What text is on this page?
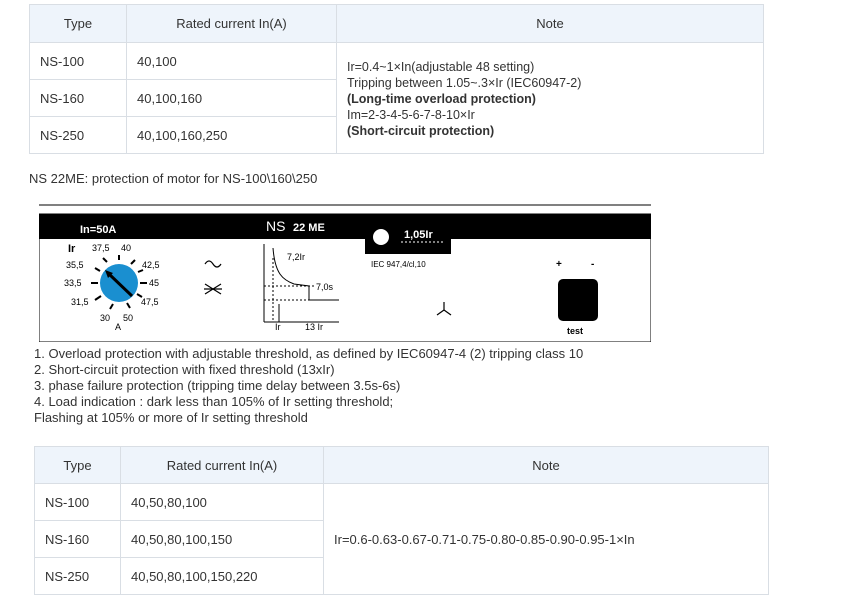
Type	Rated current In(A)	Note
NS-100	40,100	Ir=0.4~1×In(adjustable 48 setting)
Tripping between 1.05~.3×Ir (IEC60947-2)
(Long-time overload protection)
Im=2-3-4-5-6-7-8-10×Ir
(Short-circuit protection)

NS-160	40,100,160	
NS-250	40,100,160,250	
NS 22ME: protection of motor for NS-100\160\250
In=50A	NS 22 ME
1,05Ir
IEC 947,4/cl,10
Ir 37,5 40
42,5
45
47,5
50
30
31,5
33,5
35,5
A
7,2Ir
7,0s
Ir	13 Ir
+	-
test
1. Overload protection with adjustable threshold, as defined by IEC60947-4 (2) tripping class 10
2. Short-circuit protection with fixed threshold (13xIr)
3. phase failure protection (tripping time delay between 3.5s-6s)
4. Load indication : dark less than 105% of Ir setting threshold;
Flashing at 105% or more of Ir setting threshold
Type	Rated current In(A)	Note
NS-100	40,50,80,100	Ir=0.6-0.63-0.67-0.71-0.75-0.80-0.85-0.90-0.95-1×In
NS-160	40,50,80,100,150	
NS-250	40,50,80,100,150,220	
